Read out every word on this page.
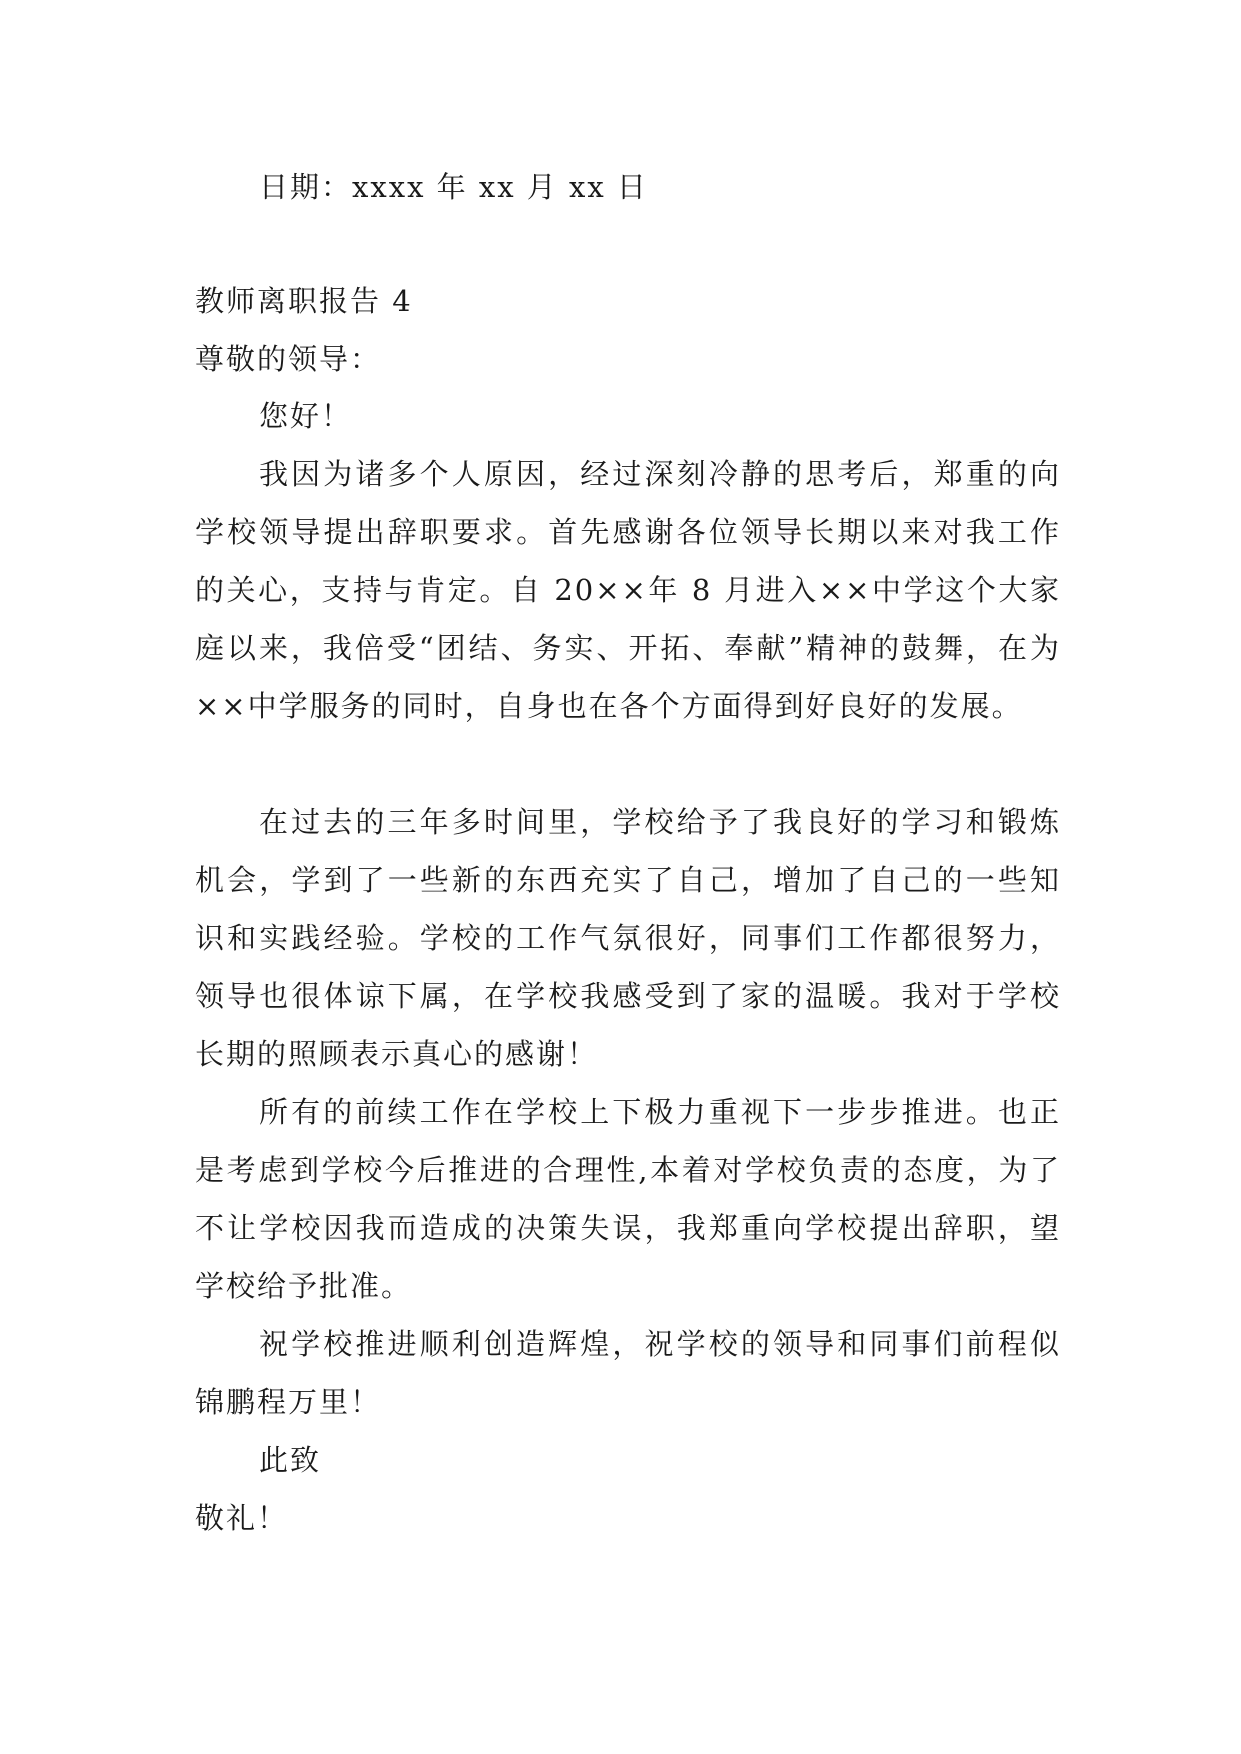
日期：xxxx 年 xx 月 xx 日
教师离职报告 4
尊敬的领导：
您好！

我因为诸多个人原因，经过深刻冷静的思考后，郑重的向学校领导提出辞职要求。首先感谢各位领导长期以来对我工作的关心，支持与肯定。自 20××年 8 月进入××中学这个大家庭以来，我倍受“团结、务实、开拓、奉献”精神的鼓舞，在为××中学服务的同时，自身也在各个方面得到好良好的发展。

在过去的三年多时间里，学校给予了我良好的学习和锻炼机会，学到了一些新的东西充实了自己，增加了自己的一些知识和实践经验。学校的工作气氛很好，同事们工作都很努力，领导也很体谅下属，在学校我感受到了家的温暖。我对于学校长期的照顾表示真心的感谢！

所有的前续工作在学校上下极力重视下一步步推进。也正是考虑到学校今后推进的合理性,本着对学校负责的态度，为了不让学校因我而造成的决策失误，我郑重向学校提出辞职，望学校给予批准。

祝学校推进顺利创造辉煌，祝学校的领导和同事们前程似锦鹏程万里！

此致
敬礼！
